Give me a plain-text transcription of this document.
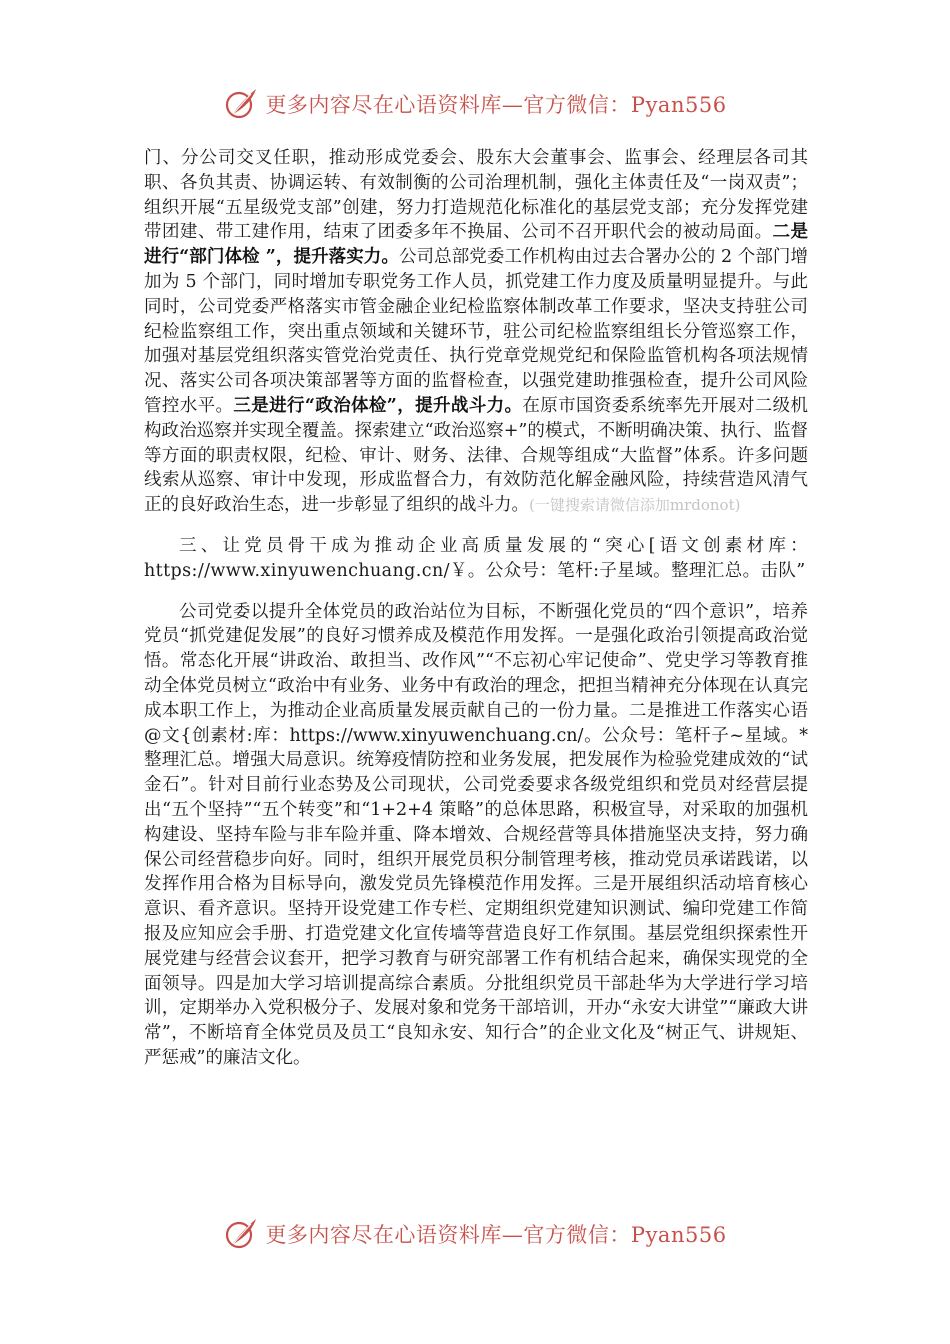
更多内容尽在心语资料库—官方微信：Pyan556

门、分公司交叉任职，推动形成党委会、股东大会董事会、监事会、经理层各司其职、各负其责、协调运转、有效制衡的公司治理机制，强化主体责任及“一岗双责”；组织开展“五星级党支部”创建，努力打造规范化标准化的基层党支部；充分发挥党建带团建、带工建作用，结束了团委多年不换届、公司不召开职代会的被动局面。二是进行“部门体检 ”，提升落实力。公司总部党委工作机构由过去合署办公的 2 个部门增加为 5 个部门，同时增加专职党务工作人员，抓党建工作力度及质量明显提升。与此同时，公司党委严格落实市管金融企业纪检监察体制改革工作要求，坚决支持驻公司纪检监察组工作，突出重点领域和关键环节，驻公司纪检监察组组长分管巡察工作，加强对基层党组织落实管党治党责任、执行党章党规党纪和保险监管机构各项法规情况、落实公司各项决策部署等方面的监督检查，以强党建助推强检查，提升公司风险管控水平。三是进行“政治体检”，提升战斗力。在原市国资委系统率先开展对二级机构政治巡察并实现全覆盖。探索建立“政治巡察+”的模式，不断明确决策、执行、监督等方面的职责权限，纪检、审计、财务、法律、合规等组成“大监督”体系。许多问题线索从巡察、审计中发现，形成监督合力，有效防范化解金融风险，持续营造风清气正的良好政治生态，进一步彰显了组织的战斗力。(一键搜索请微信添加mrdonot)

三、让党员骨干成为推动企业高质量发展的“突心[语文创素材库：https://www.xinyuwenchuang.cn/￥。公众号：笔杆:子星域。整理汇总。击队”

公司党委以提升全体党员的政治站位为目标，不断强化党员的“四个意识”，培养党员“抓党建促发展”的良好习惯养成及模范作用发挥。一是强化政治引领提高政治觉悟。常态化开展“讲政治、敢担当、改作风”“不忘初心牢记使命”、党史学习等教育推动全体党员树立“政治中有业务、业务中有政治的理念，把担当精神充分体现在认真完成本职工作上，为推动企业高质量发展贡献自己的一份力量。二是推进工作落实心语@文{创素材:库：https://www.xinyuwenchuang.cn/。公众号：笔杆子~星域。*整理汇总。增强大局意识。统筹疫情防控和业务发展，把发展作为检验党建成效的“试金石”。针对目前行业态势及公司现状，公司党委要求各级党组织和党员对经营层提出“五个坚持”“五个转变”和“1+2+4 策略”的总体思路，积极宣导，对采取的加强机构建设、坚持车险与非车险并重、降本增效、合规经营等具体措施坚决支持，努力确保公司经营稳步向好。同时，组织开展党员积分制管理考核，推动党员承诺践诺，以发挥作用合格为目标导向，激发党员先锋模范作用发挥。三是开展组织活动培育核心意识、看齐意识。坚持开设党建工作专栏、定期组织党建知识测试、编印党建工作简报及应知应会手册、打造党建文化宣传墙等营造良好工作氛围。基层党组织探索性开展党建与经营会议套开，把学习教育与研究部署工作有机结合起来，确保实现党的全面领导。四是加大学习培训提高综合素质。分批组织党员干部赴华为大学进行学习培训，定期举办入党积极分子、发展对象和党务干部培训，开办“永安大讲堂”“廉政大讲常”，不断培育全体党员及员工“良知永安、知行合”的企业文化及“树正气、讲规矩、严惩戒”的廉洁文化。

更多内容尽在心语资料库—官方微信：Pyan556
